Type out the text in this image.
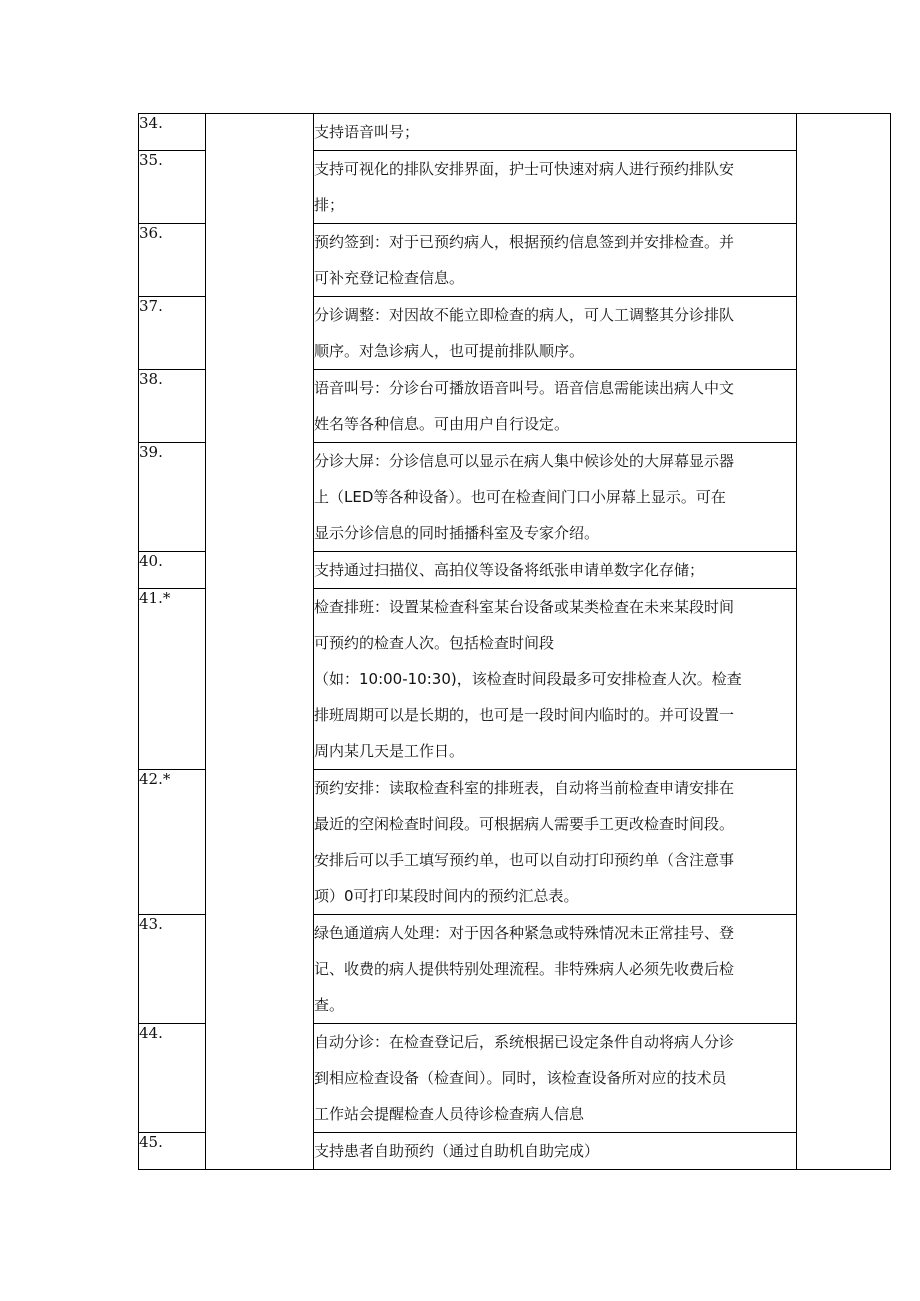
34.		支持语音叫号；	

35.		支持可视化的排队安排界面，护士可快速对病人进行预约排队安

排；	

36.		预约签到：对于已预约病人，根据预约信息签到并安排检查。并

可补充登记检查信息。	

37.		分诊调整：对因故不能立即检查的病人，可人工调整其分诊排队

顺序。对急诊病人，也可提前排队顺序。	

38.		语音叫号：分诊台可播放语音叫号。语音信息需能读出病人中文

姓名等各种信息。可由用户自行设定。	

39.		分诊大屏：分诊信息可以显示在病人集中候诊处的大屏幕显示器

上（LED等各种设备）。也可在检查间门口小屏幕上显示。可在

显示分诊信息的同时插播科室及专家介绍。	

40.		支持通过扫描仪、高拍仪等设备将纸张申请单数字化存储；	

41.*		检查排班：设置某检查科室某台设备或某类检查在未来某段时间

可预约的检查人次。包括检查时间段

（如：10:00-10:30)，该检查时间段最多可安排检查人次。检查

排班周期可以是长期的，也可是一段时间内临时的。并可设置一

周内某几天是工作日。	

42.*		预约安排：读取检查科室的排班表，自动将当前检查申请安排在

最近的空闲检查时间段。可根据病人需要手工更改检查时间段。

安排后可以手工填写预约单，也可以自动打印预约单（含注意事

项）0可打印某段时间内的预约汇总表。	

43.		绿色通道病人处理：对于因各种紧急或特殊情况未正常挂号、登

记、收费的病人提供特别处理流程。非特殊病人必须先收费后检

查。	

44.		自动分诊：在检查登记后，系统根据已设定条件自动将病人分诊

到相应检查设备（检查间）。同时，该检查设备所对应的技术员

工作站会提醒检查人员待诊检查病人信息	

45.		支持患者自助预约（通过自助机自助完成）	
